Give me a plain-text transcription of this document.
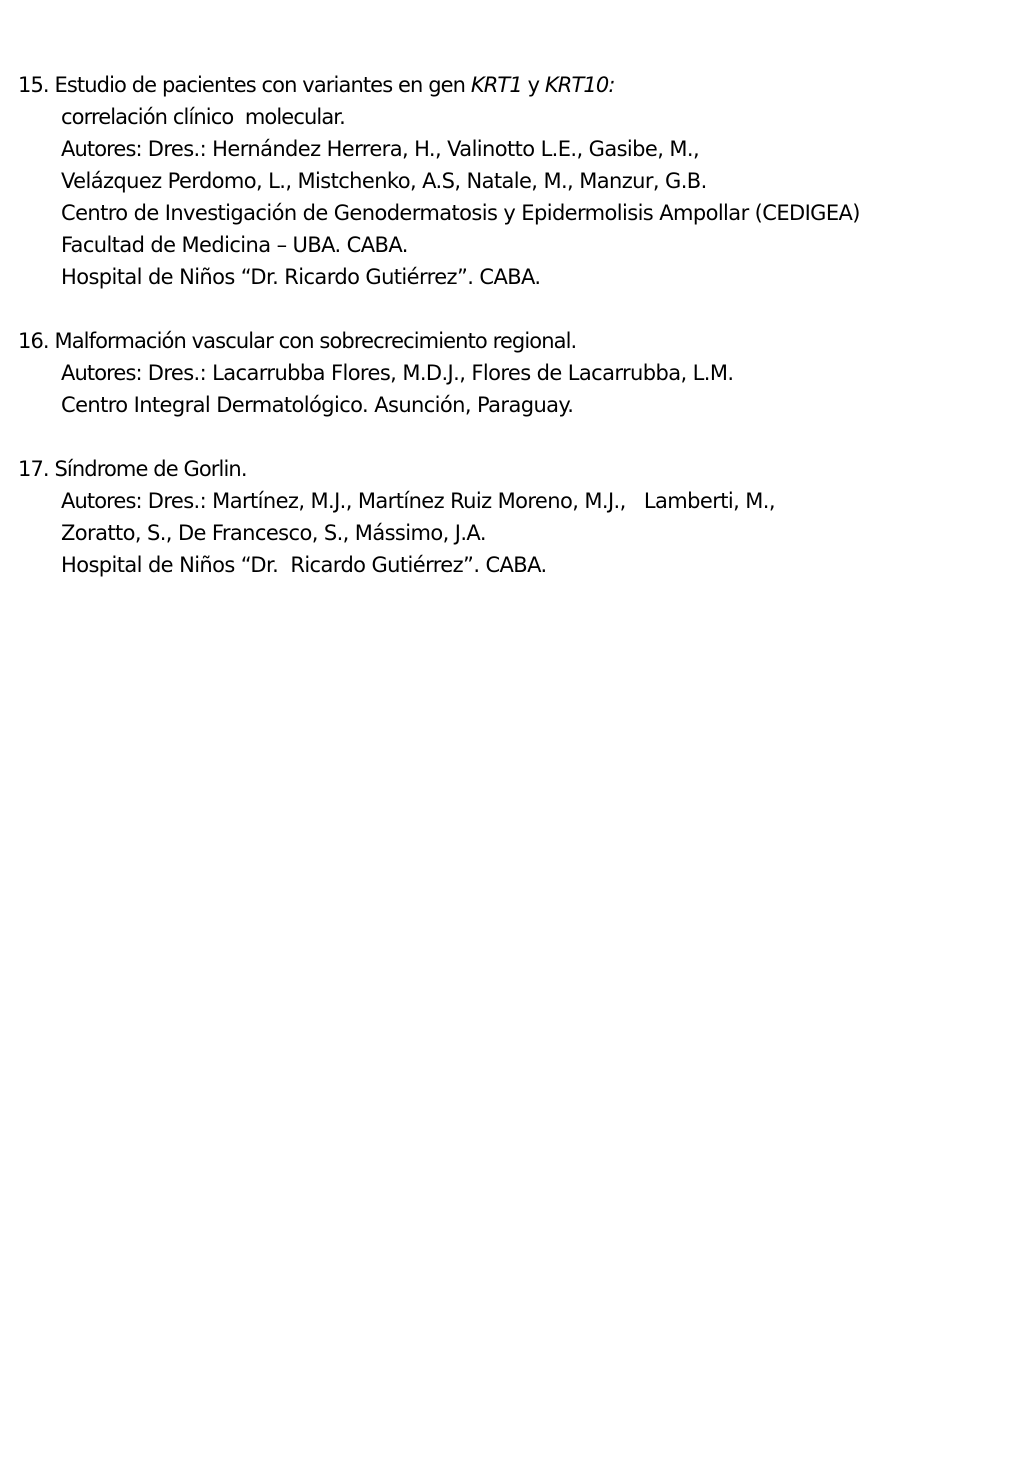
15. Estudio de pacientes con variantes en gen KRT1 y KRT10:
correlación clínico  molecular.
Autores: Dres.: Hernández Herrera, H., Valinotto L.E., Gasibe, M.,
Velázquez Perdomo, L., Mistchenko, A.S, Natale, M., Manzur, G.B.
Centro de Investigación de Genodermatosis y Epidermolisis Ampollar (CEDIGEA)
Facultad de Medicina – UBA. CABA.
Hospital de Niños “Dr. Ricardo Gutiérrez”. CABA.
16. Malformación vascular con sobrecrecimiento regional.
Autores: Dres.: Lacarrubba Flores, M.D.J., Flores de Lacarrubba, L.M.
Centro Integral Dermatológico. Asunción, Paraguay.
17. Síndrome de Gorlin.
Autores: Dres.: Martínez, M.J., Martínez Ruiz Moreno, M.J.,   Lamberti, M.,
Zoratto, S., De Francesco, S., Mássimo, J.A.
Hospital de Niños “Dr.  Ricardo Gutiérrez”. CABA.
